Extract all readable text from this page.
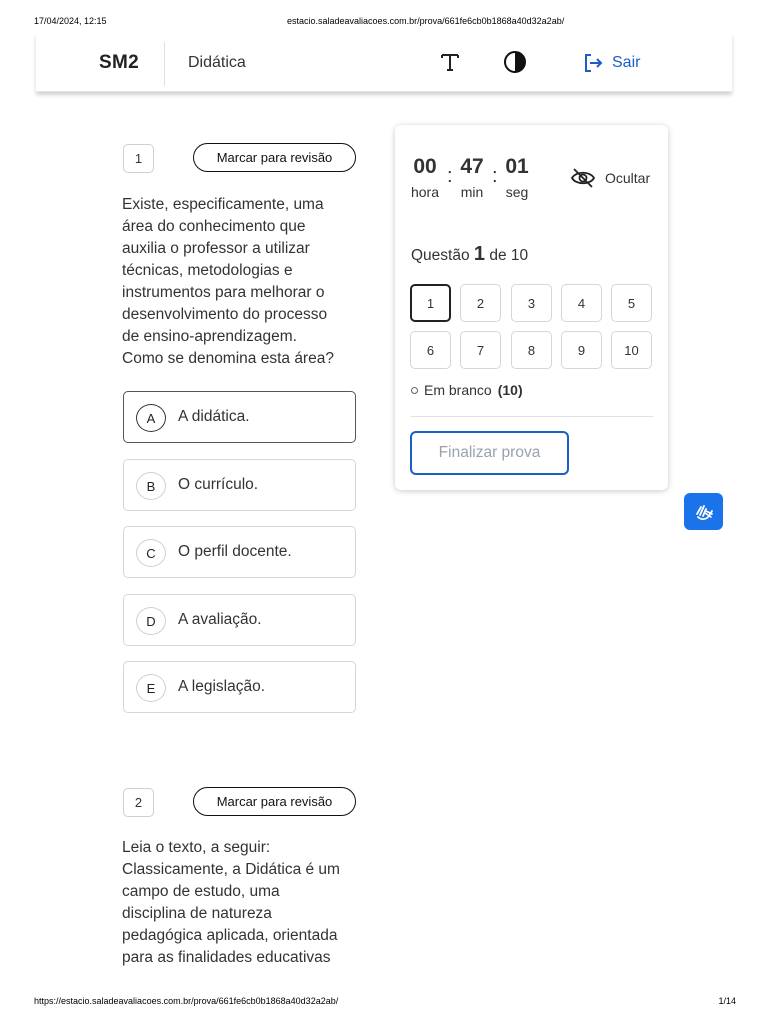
17/04/2024, 12:15	estacio.saladeavaliacoes.com.br/prova/661fe6cb0b1868a40d32a2ab/
SM2	Didática	Sair
1	Marcar para revisão
Existe, especificamente, uma
área do conhecimento que
auxilia o professor a utilizar
técnicas, metodologias e
instrumentos para melhorar o
desenvolvimento do processo
de ensino-aprendizagem.
Como se denomina esta área?
A	A didática.
B	O currículo.
C	O perfil docente.
D	A avaliação.
E	A legislação.
2	Marcar para revisão
Leia o texto, a seguir:
Classicamente, a Didática é um
campo de estudo, uma
disciplina de natureza
pedagógica aplicada, orientada
para as finalidades educativas
00
hora
: 47
min
: 01
seg
Ocultar
Questão 1 de 10
1	2	3	4	5
6	7	8	9	10
Em branco (10)
Finalizar prova
https://estacio.saladeavaliacoes.com.br/prova/661fe6cb0b1868a40d32a2ab/	1/14
